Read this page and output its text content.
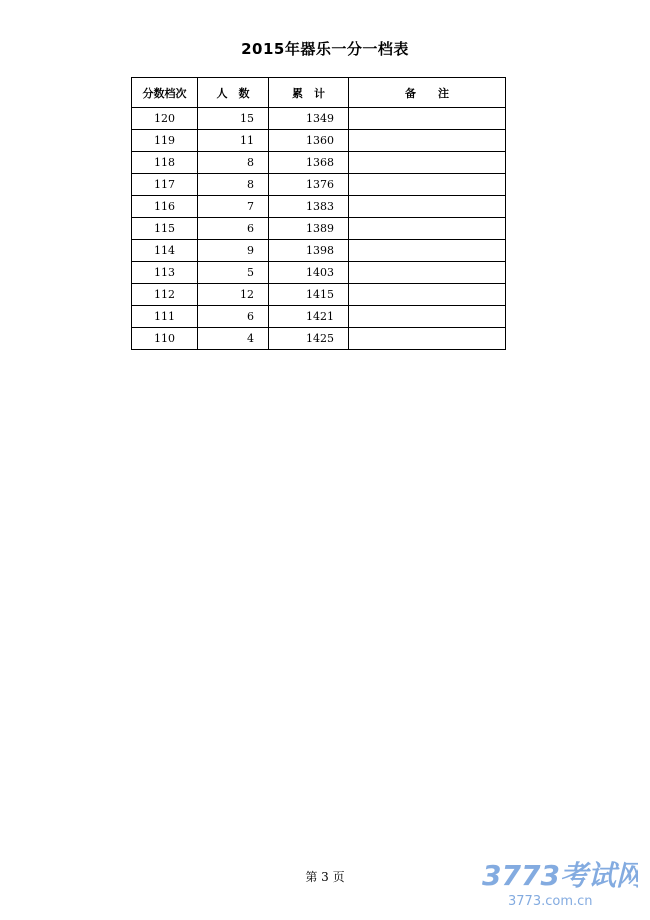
2015年器乐一分一档表
分数档次	人　数	累　计	备　　注
120	15	1349	
119	11	1360	
118	8	1368	
117	8	1376	
116	7	1383	
115	6	1389	
114	9	1398	
113	5	1403	
112	12	1415	
111	6	1421	
110	4	1425	
第 3 页	3773考试网
3773.com.cn
